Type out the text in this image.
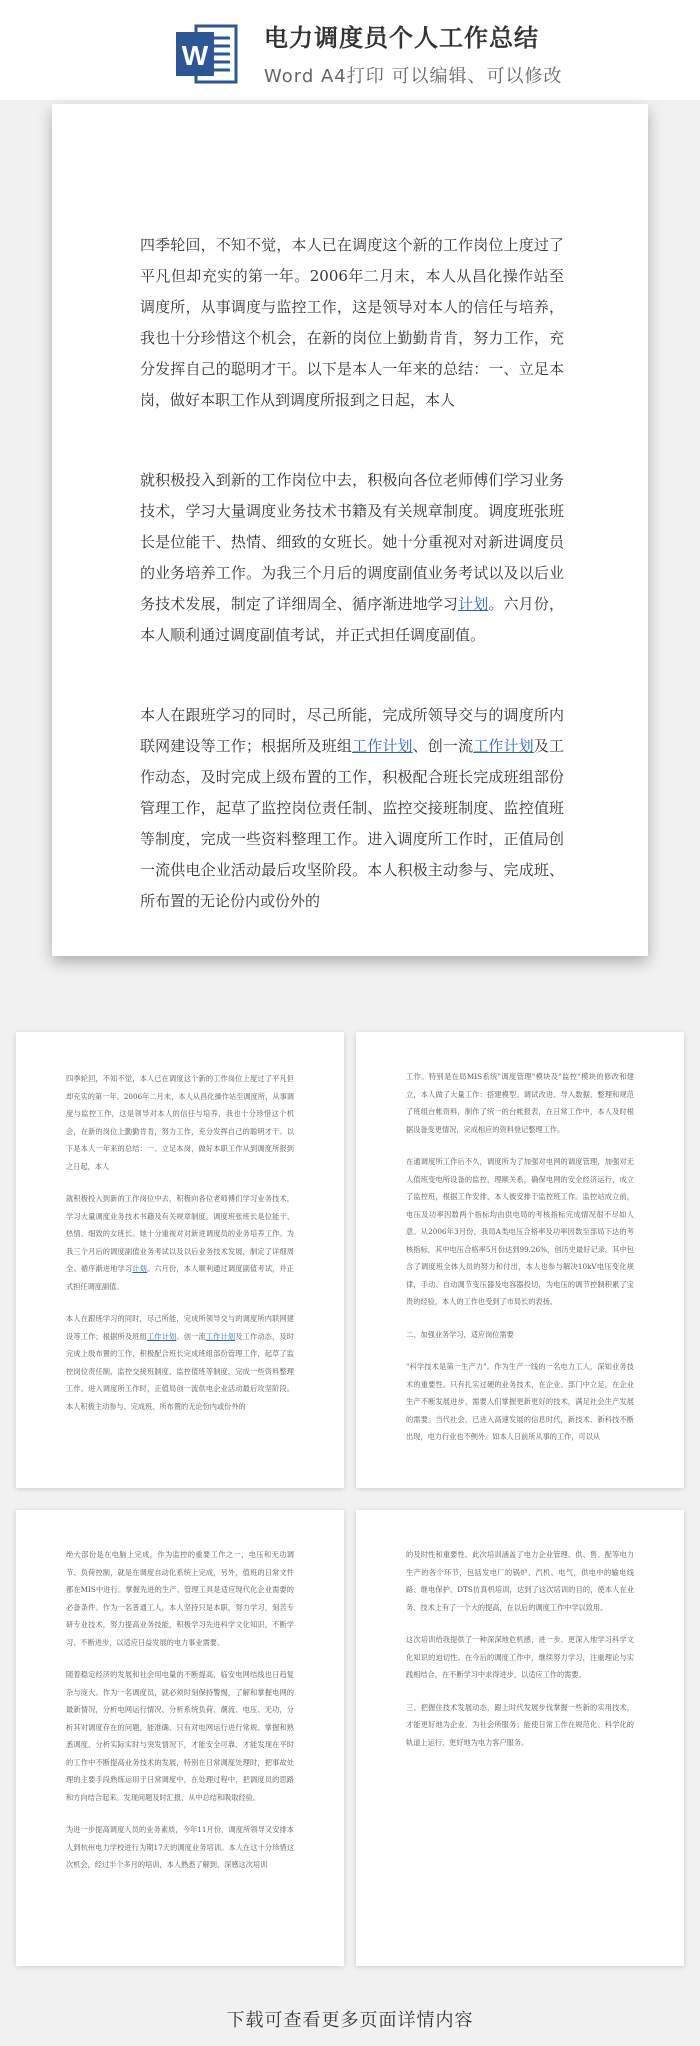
W
电力调度员个人工作总结
Word A4打印 可以编辑、可以修改

四季轮回，不知不觉，本人已在调度这个新的工作岗位上度过了平凡但却充实的第一年。2006年二月末，本人从昌化操作站至调度所，从事调度与监控工作，这是领导对本人的信任与培养，我也十分珍惜这个机会，在新的岗位上勤勤肯肯，努力工作，充分发挥自己的聪明才干。以下是本人一年来的总结：一、立足本岗，做好本职工作从到调度所报到之日起，本人

就积极投入到新的工作岗位中去，积极向各位老师傅们学习业务技术，学习大量调度业务技术书籍及有关规章制度。调度班张班长是位能干、热情、细致的女班长。她十分重视对对新进调度员的业务培养工作。为我三个月后的调度副值业务考试以及以后业务技术发展，制定了详细周全、循序渐进地学习计划。六月份，本人顺利通过调度副值考试，并正式担任调度副值。

本人在跟班学习的同时，尽己所能，完成所领导交与的调度所内联网建设等工作；根据所及班组工作计划、创一流工作计划及工作动态，及时完成上级布置的工作，积极配合班长完成班组部份管理工作，起草了监控岗位责任制、监控交接班制度、监控值班等制度，完成一些资料整理工作。进入调度所工作时，正值局创一流供电企业活动最后攻坚阶段。本人积极主动参与、完成班、所布置的无论份内或份外的

四季轮回，不知不觉，本人已在调度这个新的工作岗位上度过了平凡但却充实的第一年。2006年二月末，本人从昌化操作站至调度所，从事调度与监控工作，这是领导对本人的信任与培养，我也十分珍惜这个机会，在新的岗位上勤勤肯肯，努力工作，充分发挥自己的聪明才干。以下是本人一年来的总结：一、立足本岗，做好本职工作从到调度所报到之日起，本人

就积极投入到新的工作岗位中去，积极向各位老师傅们学习业务技术，学习大量调度业务技术书籍及有关规章制度。调度班张班长是位能干、热情、细致的女班长。她十分重视对对新进调度员的业务培养工作。为我三个月后的调度副值业务考试以及以后业务技术发展，制定了详细周全、循序渐进地学习计划。六月份，本人顺利通过调度副值考试，并正式担任调度副值。

本人在跟班学习的同时，尽己所能，完成所领导交与的调度所内联网建设等工作；根据所及班组工作计划、创一流工作计划及工作动态，及时完成上级布置的工作，积极配合班长完成班组部份管理工作，起草了监控岗位责任制、监控交接班制度、监控值班等制度，完成一些资料整理工作。进入调度所工作时，正值局创一流供电企业活动最后攻坚阶段。本人积极主动参与、完成班、所布置的无论份内或份外的

工作。特别是在局MIS系统"调度管理"模块及"监控"模块的修改和建立，本人做了大量工作：搭建模型、调试改进、导入数据、整理和规范了班组台帐资料，制作了统一的台帐报表，在日常工作中，本人及时根据设备变更情况，完成相应的资料登记整理工作。

在通调度所工作后不久，调度所为了加强对电网的调度管理，加强对无人值班变电所设备的监控，理顺关系，确保电网的安全经济运行，成立了监控班，根据工作安排，本人被安排于监控班工作。监控站成立前，电压及功率因数两个指标均由供电局的考核指标完成情况很不尽如人意。从2006年3月份，我局A类电压合格率及功率因数至部局下达的考核指标，其中电压合格率5月份达到99.26%，创历史最好记录。其中包含了调度班全体人员的努力和付出，本人也参与解决10kV电压变化规律，手动、自动调节变压器及电容器投切，为电压的调节控制积累了宝贵的经验，本人的工作也受到了市局长的表扬。

二、加强业务学习，适应岗位需要

"科学技术是第一生产力"。作为生产一线的一名电力工人，深知业务技术的重要性。只有扎实过硬的业务技术，在企业、部门中立足，在企业生产不断发展进步，需要人们掌握更新更好的技术，满足社会生产发展的需要。当代社会，已进入高速发展的信息时代，新技术、新科技不断出现，电力行业也不例外。如本人日前所从事的工作，可以从

绝大部份是在电脑上完成，作为监控的重要工作之一，电压和无功调节、负荷控制，就是在调度自动化系统上完成，另外，值班的日常文件都在MIS中进行。掌握先进的生产、管理工具是适应现代化企业需要的必备条件。作为一名普通工人，本人坚持只是本职，努力学习，刻苦专研专业技术，努力提高业务技能，积极学习先进科学文化知识，不断学习、不断进步，以适应日益发展的电力事业需要。

随着稳定经济的发展和社会用电量的不断提高，临安电网结线也日趋复杂与庞大。作为一名调度员，就必须时刻保持警惕，了解和掌握电网的最新情况，分析电网运行情况、分析系统负荷、潮流、电压、无功，分析其对调度存在的问题，能准确、只有对电网运行进行常规、掌握和熟悉调度、分析实际实时与突发情况下，才能安全可靠、才能发现在平时的工作中不断提高业务技术的发展，特别在日常调度处理时，把事故处理的主要手段熟练运用于日常调度中，在处理过程中，把调度员的思路和方向结合起来。发现问题及时汇报、从中总结和吸取经验。

为进一步提高调度人员的业务素质，今年11月份，调度所领导又安排本人到杭州电力学校进行为期17天的调度业务培训。本人在这十分珍惜这次机会，经过半个多月的培训，本人熟悉了解到，深感这次培训

的及时性和重要性。此次培训涵盖了电力企业管理、供、售、配等电力生产的各个环节，包括发电厂的锅炉、汽机、电气，供电中的输电线路、继电保护、DTS仿真机培训，达到了这次培训的目的，使本人在业务、技术上有了一个大的提高，在以后的调度工作中学以致用。

这次培训给我提供了一种深深地危机感，进一步、更深入地学习科学文化知识的迫切性。在今后的调度工作中，继续努力学习，注重理论与实践相结合，在不断学习中求得进步，以适应工作的需要。

三、把握住技术发展动态，跟上时代发展步伐掌握一些新的实用技术，才能更好地为企业、为社会所服务；能使日常工作在规范化、科学化的轨道上运行，更好地为电力客户服务。

下载可查看更多页面详情内容
